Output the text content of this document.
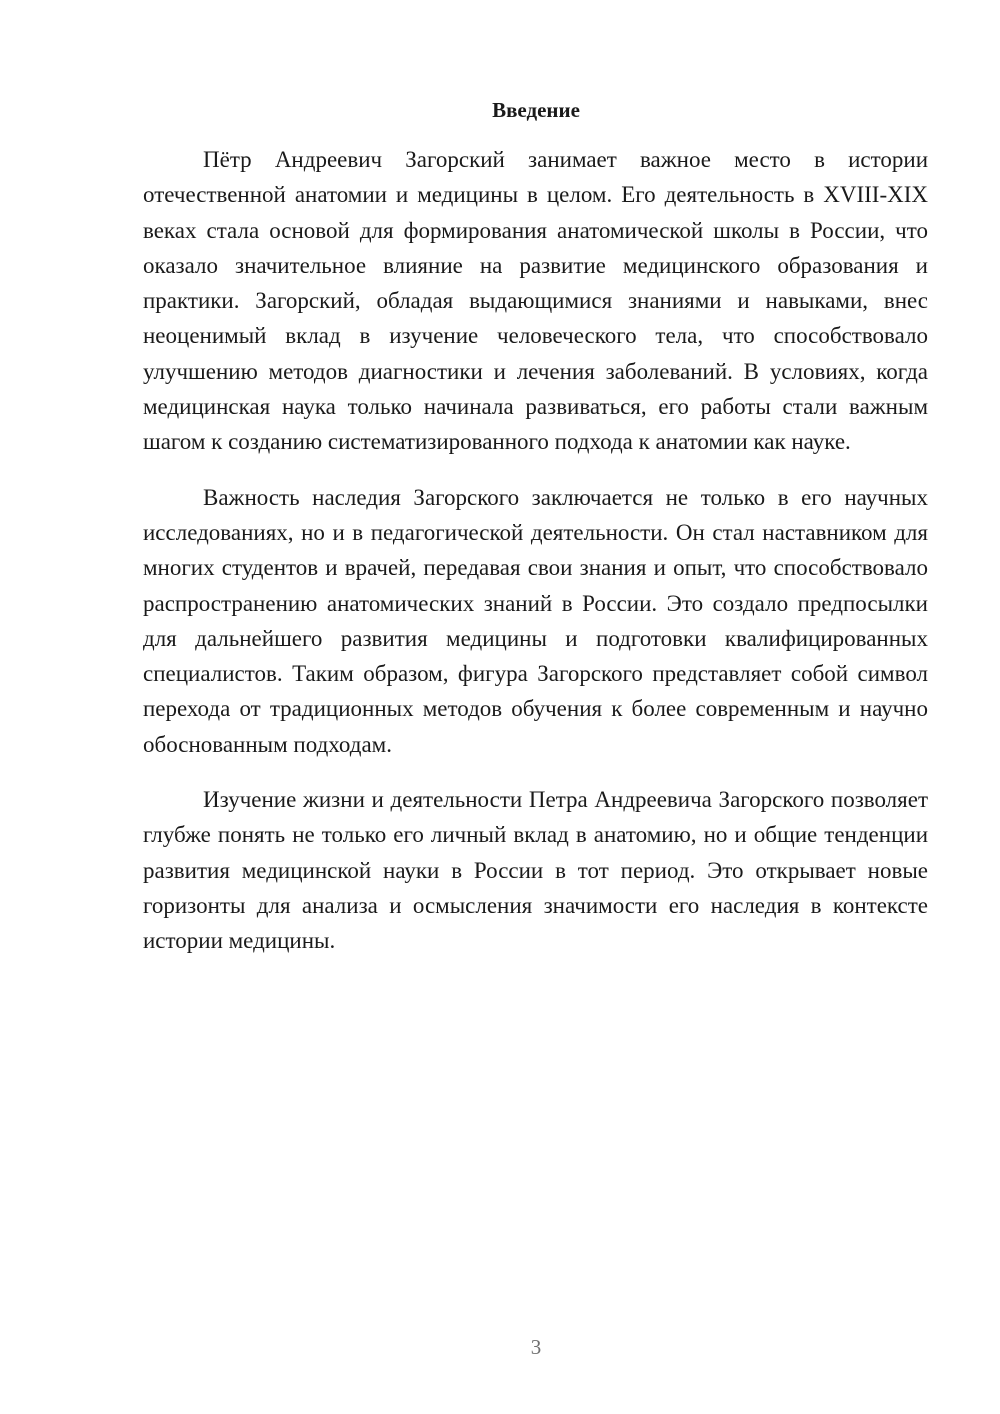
Введение

Пётр Андреевич Загорский занимает важное место в истории отечественной анатомии и медицины в целом. Его деятельность в XVIII-XIX веках стала основой для формирования анатомической школы в России, что оказало значительное влияние на развитие медицинского образования и практики. Загорский, обладая выдающимися знаниями и навыками, внес неоценимый вклад в изучение человеческого тела, что способствовало улучшению методов диагностики и лечения заболеваний. В условиях, когда медицинская наука только начинала развиваться, его работы стали важным шагом к созданию систематизированного подхода к анатомии как науке.

Важность наследия Загорского заключается не только в его научных исследованиях, но и в педагогической деятельности. Он стал наставником для многих студентов и врачей, передавая свои знания и опыт, что способствовало распространению анатомических знаний в России. Это создало предпосылки для дальнейшего развития медицины и подготовки квалифицированных специалистов. Таким образом, фигура Загорского представляет собой символ перехода от традиционных методов обучения к более современным и научно обоснованным подходам.

Изучение жизни и деятельности Петра Андреевича Загорского позволяет глубже понять не только его личный вклад в анатомию, но и общие тенденции развития медицинской науки в России в тот период. Это открывает новые горизонты для анализа и осмысления значимости его наследия в контексте истории медицины.

3
